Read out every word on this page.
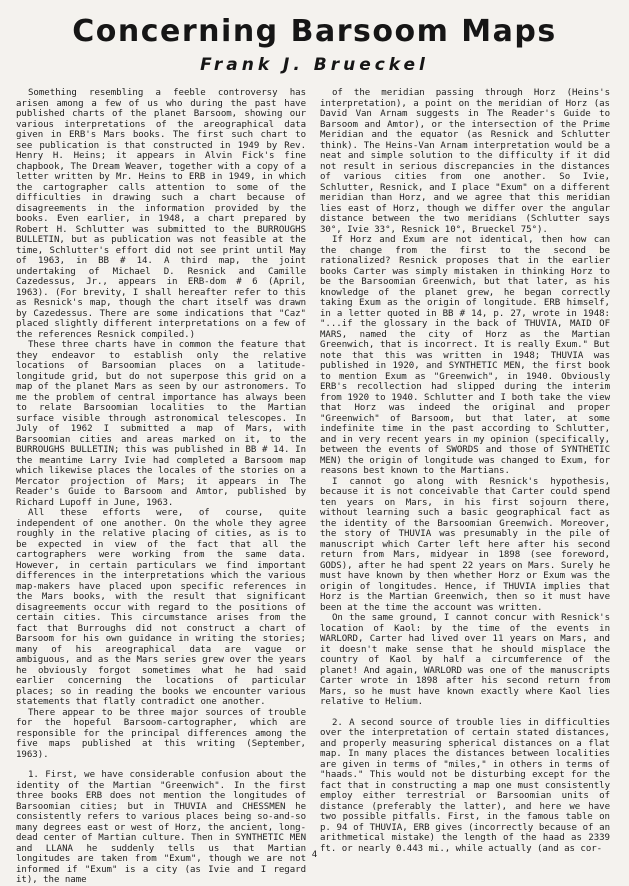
Concerning Barsoom Maps
Frank J. Brueckel

Something resembling a feeble controversy has arisen among a few of us who during the past have published charts of the planet Barsoom, showing our various interpretations of the areographical data given in ERB's Mars books. The first such chart to see publication is that constructed in 1949 by Rev. Henry H. Heins; it appears in Alvin Fick's fine chapbook, The Dream Weaver, together with a copy of a letter written by Mr. Heins to ERB in 1949, in which the cartographer calls attention to some of the difficulties in drawing such a chart because of disagreements in the information provided by the books. Even earlier, in 1948, a chart prepared by Robert H. Schlutter was submitted to the BURROUGHS BULLETIN, but as publication was not feasible at the time, Schlutter's effort did not see print until May of 1963, in BB # 14. A third map, the joint undertaking of Michael D. Resnick and Camille Cazedessus, Jr., appears in ERB-dom # 6 (April, 1963). (For brevity, I shall hereafter refer to this as Resnick's map, though the chart itself was drawn by Cazedessus. There are some indications that "Caz" placed slightly different interpretations on a few of the references Resnick compiled.)

These three charts have in common the feature that they endeavor to establish only the relative locations of Barsoomian places on a latitude-longitude grid, but do not superpose this grid on a map of the planet Mars as seen by our astronomers. To me the problem of central importance has always been to relate Barsoomian localities to the Martian surface visible through astronomical telescopes. In July of 1962 I submitted a map of Mars, with Barsoomian cities and areas marked on it, to the BURROUGHS BULLETIN; this was published in BB # 14. In the meantime Larry Ivie had completed a Barsoom map which likewise places the locales of the stories on a Mercator projection of Mars; it appears in The Reader's Guide to Barsoom and Amtor, published by Richard Lupoff in June, 1963.

All these efforts were, of course, quite independent of one another. On the whole they agree roughly in the relative placing of cities, as is to be expected in view of the fact that all the cartographers were working from the same data. However, in certain particulars we find important differences in the interpretations which the various map-makers have placed upon specific references in the Mars books, with the result that significant disagreements occur with regard to the positions of certain cities. This circumstance arises from the fact that Burroughs did not construct a chart of Barsoom for his own guidance in writing the stories; many of his areographical data are vague or ambiguous, and as the Mars series grew over the years he obviously forgot sometimes what he had said earlier concerning the locations of particular places; so in reading the books we encounter various statements that flatly contradict one another.

There appear to be three major sources of trouble for the hopeful Barsoom-cartographer, which are responsible for the principal differences among the five maps published at this writing (September, 1963).

1. First, we have considerable confusion about the identity of the Martian "Greenwich". In the first three books ERB does not mention the longitudes of Barsoomian cities; but in THUVIA and CHESSMEN he consistently refers to various places being so-and-so many degrees east or west of Horz, the ancient, long-dead center of Martian culture. Then in SYNTHETIC MEN and LLANA he suddenly tells us that Martian longitudes are taken from "Exum", though we are not informed if "Exum" is a city (as Ivie and I regard it), the name

of the meridian passing through Horz (Heins's interpretation), a point on the meridian of Horz (as David Van Arnam suggests in The Reader's Guide to Barsoom and Amtor), or the intersection of the Prime Meridian and the equator (as Resnick and Schlutter think). The Heins-Van Arnam interpretation would be a neat and simple solution to the difficulty if it did not result in serious discrepancies in the distances of various cities from one another. So Ivie, Schlutter, Resnick, and I place "Exum" on a different meridian than Horz, and we agree that this meridian lies east of Horz, though we differ over the angular distance between the two meridians (Schlutter says 30°, Ivie 33°, Resnick 10°, Brueckel 75°).

If Horz and Exum are not identical, then how can the change from the first to the second be rationalized? Resnick proposes that in the earlier books Carter was simply mistaken in thinking Horz to be the Barsoomian Greenwich, but that later, as his knowledge of the planet grew, he began correctly taking Exum as the origin of longitude. ERB himself, in a letter quoted in BB # 14, p. 27, wrote in 1948: "...if the glossary in the back of THUVIA, MAID OF MARS, named the city of Horz as the Martian Greenwich, that is incorrect. It is really Exum." But note that this was written in 1948; THUVIA was published in 1920, and SYNTHETIC MEN, the first book to mention Exum as "Greenwich", in 1940. Obviously ERB's recollection had slipped during the interim from 1920 to 1940. Schlutter and I both take the view that Horz was indeed the original and proper "Greenwich" of Barsoom, but that later, at some indefinite time in the past according to Schlutter, and in very recent years in my opinion (specifically, between the events of SWORDS and those of SYNTHETIC MEN) the origin of longitude was changed to Exum, for reasons best known to the Martians.

I cannot go along with Resnick's hypothesis, because it is not conceivable that Carter could spend ten years on Mars, in his first sojourn there, without learning such a basic geographical fact as the identity of the Barsoomian Greenwich. Moreover, the story of THUVIA was presumably in the pile of manuscript which Carter left here after his second return from Mars, midyear in 1898 (see foreword, GODS), after he had spent 22 years on Mars. Surely he must have known by then whether Horz or Exum was the origin of longitudes. Hence, if THUVIA implies that Horz is the Martian Greenwich, then so it must have been at the time the account was written.

On the same ground, I cannot concur with Resnick's location of Kaol: by the time of the events in WARLORD, Carter had lived over 11 years on Mars, and it doesn't make sense that he should misplace the country of Kaol by half a circumference of the planet! And again, WARLORD was one of the manuscripts Carter wrote in 1898 after his second return from Mars, so he must have known exactly where Kaol lies relative to Helium.

2. A second source of trouble lies in difficulties over the interpretation of certain stated distances, and properly measuring spherical distances on a flat map. In many places the distances between localities are given in terms of "miles," in others in terms of "haads." This would not be disturbing except for the fact that in constructing a map one must consistently employ either terrestrial or Barsoomian units of distance (preferably the latter), and here we have two possible pitfalls. First, in the famous table on p. 94 of THUVIA, ERB gives (incorrectly because of an arithmetical mistake) the length of the haad as 2339 ft. or nearly 0.443 mi., while actually (and as cor-

4
